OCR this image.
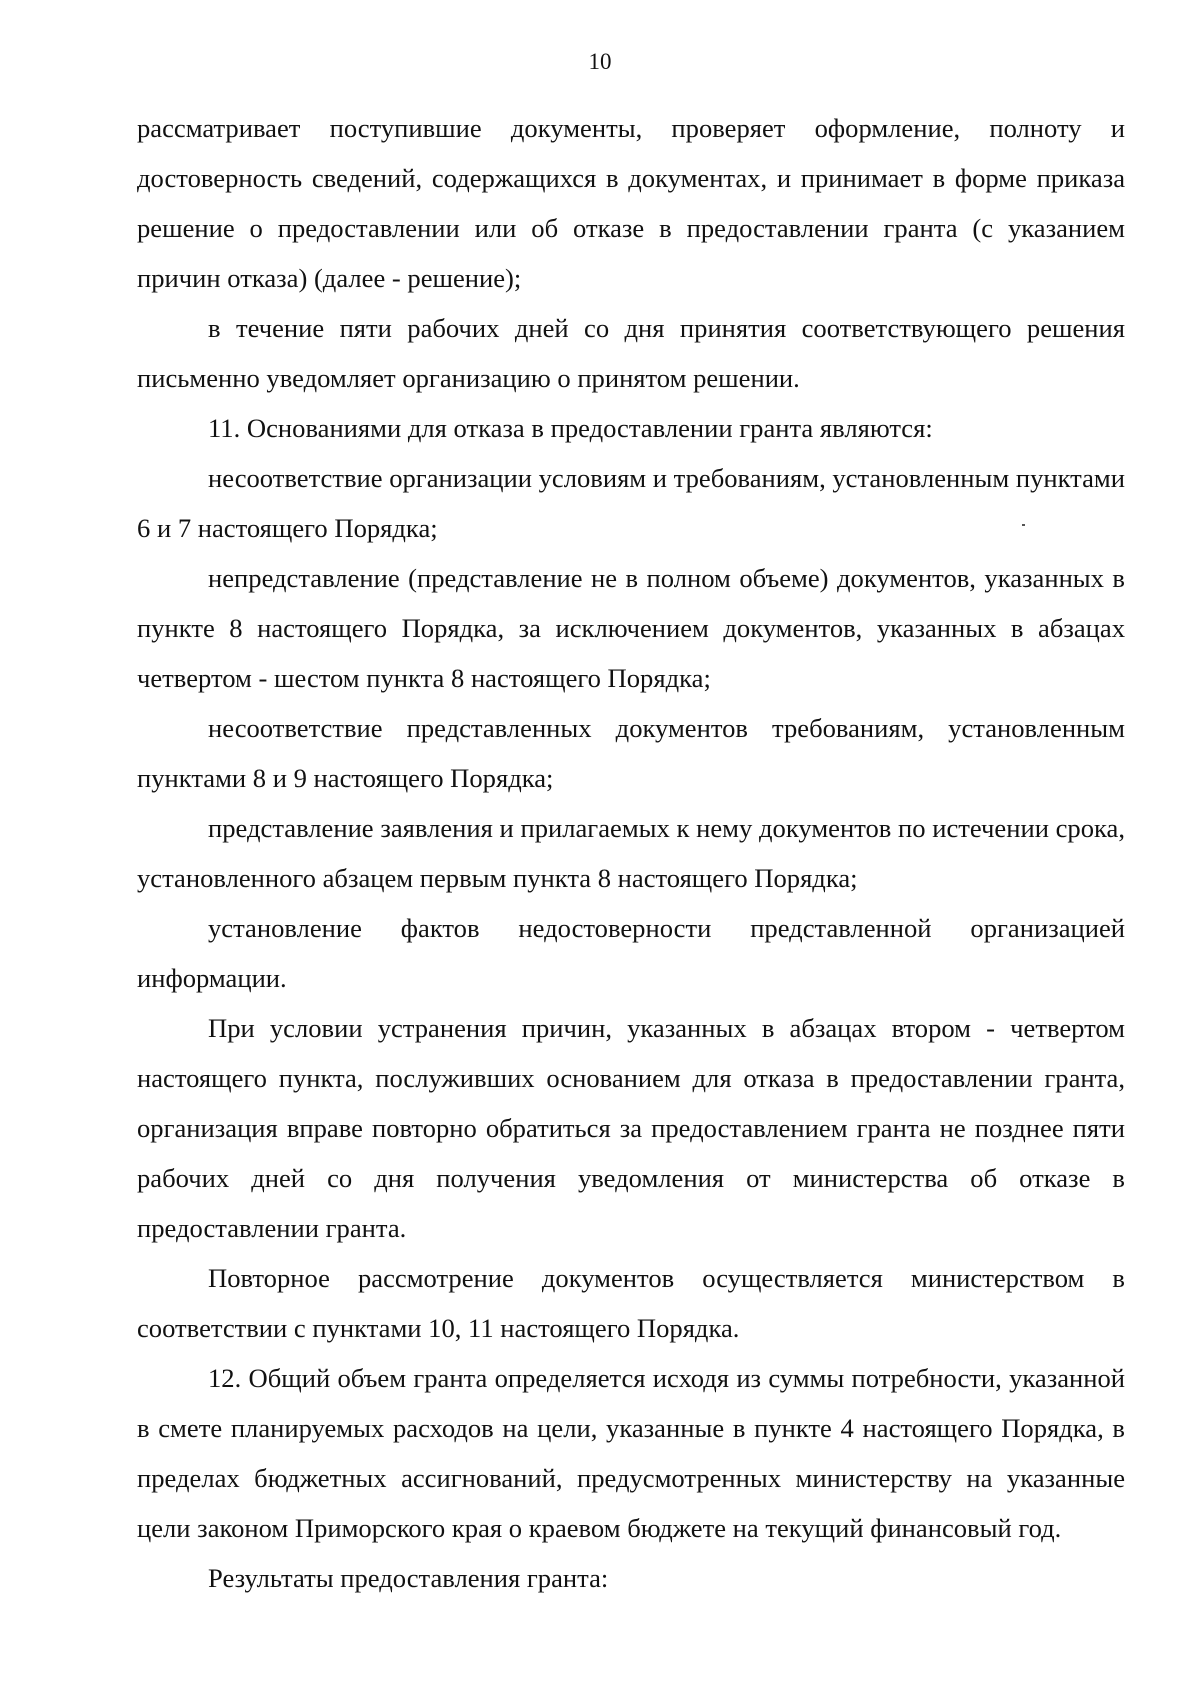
10

рассматривает поступившие документы, проверяет оформление, полноту и достоверность сведений, содержащихся в документах, и принимает в форме приказа решение о предоставлении или об отказе в предоставлении гранта (с указанием причин отказа) (далее - решение);

в течение пяти рабочих дней со дня принятия соответствующего решения письменно уведомляет организацию о принятом решении.

11. Основаниями для отказа в предоставлении гранта являются:

несоответствие организации условиям и требованиям, установленным пунктами 6 и 7 настоящего Порядка;

непредставление (представление не в полном объеме) документов, указанных в пункте 8 настоящего Порядка, за исключением документов, указанных в абзацах четвертом - шестом пункта 8 настоящего Порядка;

несоответствие представленных документов требованиям, установленным пунктами 8 и 9 настоящего Порядка;

представление заявления и прилагаемых к нему документов по истечении срока, установленного абзацем первым пункта 8 настоящего Порядка;

установление фактов недостоверности представленной организацией информации.

При условии устранения причин, указанных в абзацах втором - четвертом настоящего пункта, послуживших основанием для отказа в предоставлении гранта, организация вправе повторно обратиться за предоставлением гранта не позднее пяти рабочих дней со дня получения уведомления от министерства об отказе в предоставлении гранта.

Повторное рассмотрение документов осуществляется министерством в соответствии с пунктами 10, 11 настоящего Порядка.

12. Общий объем гранта определяется исходя из суммы потребности, указанной в смете планируемых расходов на цели, указанные в пункте 4 настоящего Порядка, в пределах бюджетных ассигнований, предусмотренных министерству на указанные цели законом Приморского края о краевом бюджете на текущий финансовый год.

Результаты предоставления гранта:
